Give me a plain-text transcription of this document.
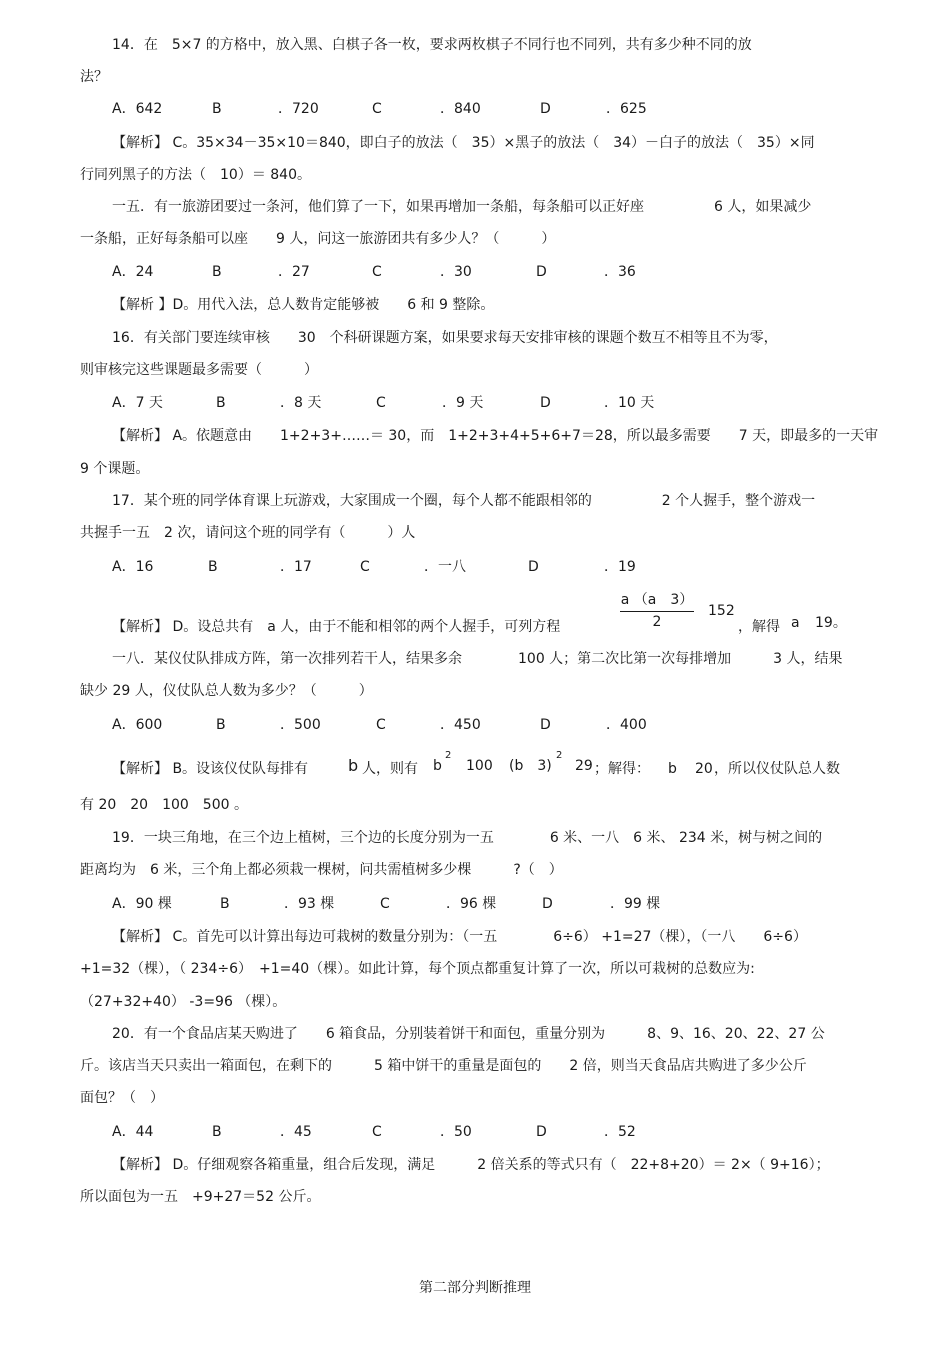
14．在　5×7 的方格中，放入黑、白棋子各一枚，要求两枚棋子不同行也不同列，共有多少种不同的放
法？
A．642	B	．720	C	．840	D	．625
【解析】 C。35×34－35×10＝840，即白子的放法（　35）×黑子的放法（　34）－白子的放法（　35）×同
行同列黑子的方法（　10）＝ 840。
一五．有一旅游团要过一条河，他们算了一下，如果再增加一条船，每条船可以正好座　　　　　6 人，如果减少
一条船，正好每条船可以座　　9 人，问这一旅游团共有多少人？（　　　）
A．24	B	．27	C	．30	D	．36
【解析 】D。用代入法，总人数肯定能够被　　6 和 9 整除。
16．有关部门要连续审核　　30　个科研课题方案，如果要求每天安排审核的课题个数互不相等且不为零，
则审核完这些课题最多需要（　　　）
A．7 天	B	．8 天	C	．9 天	D	．10 天
【解析】 A。依题意由　　1+2+3+……＝ 30，而　1+2+3+4+5+6+7＝28，所以最多需要　　7 天，即最多的一天审
9 个课题。
17．某个班的同学体育课上玩游戏，大家围成一个圈，每个人都不能跟相邻的　　　　　2 个人握手，整个游戏一
共握手一五　2 次，请问这个班的同学有（　　　）人
A．16	B	．17	C	．一八	D	．19
【解析】 D。设总共有　a 人，由于不能和相邻的两个人握手，可列方程
a （a　3）
2
152
，解得 a 19。
一八．某仪仗队排成方阵，第一次排列若干人，结果多余　　　　100 人；第二次比第一次每排增加　　　3 人，结果
缺少 29 人，仪仗队总人数为多少？（　　　）
A．600	B	．500	C	．450	D	．400
【解析】 B。设该仪仗队每排有 b 人，则有 b
2
100 (b　3)
2
29 ；解得： b 20 ，所以仪仗队总人数
有 20　20　100　500 。
19．一块三角地，在三个边上植树，三个边的长度分别为一五　　　　6 米、一八　6 米、 234 米，树与树之间的
距离均为　6 米，三个角上都必须栽一棵树，问共需植树多少棵　　　?（　）
A．90 棵	B	．93 棵	C	．96 棵	D	．99 棵
【解析】 C。首先可以计算出每边可栽树的数量分别为：（一五　　　　6÷6） +1=27（棵），（一八　　6÷6）
+1=32（棵），（ 234÷6）　+1=40（棵）。如此计算，每个顶点都重复计算了一次，所以可栽树的总数应为:
（27+32+40） -3=96 （棵）。
20．有一个食品店某天购进了　　6 箱食品，分别装着饼干和面包，重量分别为　　　8、9、16、20、22、27 公
斤。该店当天只卖出一箱面包，在剩下的　　　5 箱中饼干的重量是面包的　　2 倍，则当天食品店共购进了多少公斤
面包？（　）
A．44	B	．45	C	．50	D	．52
【解析】 D。仔细观察各箱重量，组合后发现，满足　　　2 倍关系的等式只有（　22+8+20）＝ 2×（ 9+16）；
所以面包为一五　+9+27＝52 公斤。
第二部分判断推理
